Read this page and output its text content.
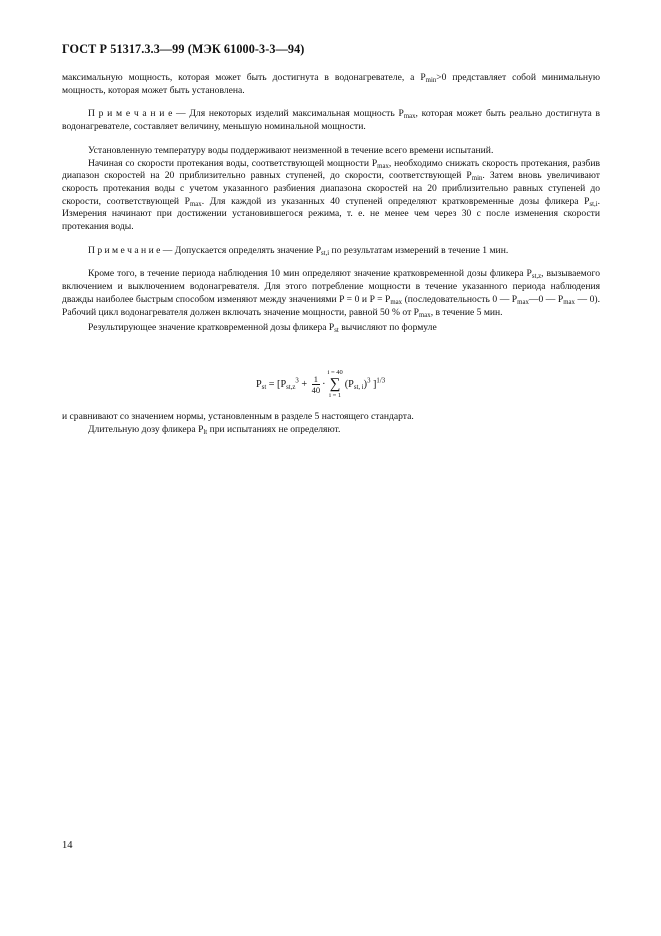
ГОСТ Р 51317.3.3—99 (МЭК 61000-3-3—94)

максимальную мощность, которая может быть достигнута в водонагревателе, а $P_{min}>0$ представляет собой минимальную мощность, которая может быть установлена.

П р и м е ч а н и е — Для некоторых изделий максимальная мощность $P_{max}$, которая может быть реально достигнута в водонагревателе, составляет величину, меньшую номинальной мощности.

Установленную температуру воды поддерживают неизменной в течение всего времени испытаний.

Начиная со скорости протекания воды, соответствующей мощности $P_{max}$, необходимо снижать скорость протекания, разбив диапазон скоростей на 20 приблизительно равных ступеней, до скорости, соответствующей $P_{min}$. Затем вновь увеличивают скорость протекания воды с учетом указанного разбиения диапазона скоростей на 20 приблизительно равных ступеней до скорости, соответствующей $P_{max}$. Для каждой из указанных 40 ступеней определяют кратковременные дозы фликера $P_{st,i}$. Измерения начинают при достижении установившегося режима, т. е. не менее чем через 30 с после изменения скорости протекания воды.

П р и м е ч а н и е — Допускается определять значение $P_{st,i}$ по результатам измерений в течение 1 мин.

Кроме того, в течение периода наблюдения 10 мин определяют значение кратковременной дозы фликера $P_{st,z}$, вызываемого включением и выключением водонагревателя. Для этого потребление мощности в течение указанного периода наблюдения дважды наиболее быстрым способом изменяют между значениями P = 0 и $P = P_{max}$ (последовательность 0 — $P_{max}—0$ — $P_{max}$ — 0). Рабочий цикл водонагревателя должен включать значение мощности, равной 50 % от $P_{max}$, в течение 5 мин.

Результирующее значение кратковременной дозы фликера $P_{st}$ вычисляют по формуле

$P_{st} = [P_{st,z}^3 + \frac{1}{40}$ ·
i = 40
∑
i = 1
$(P_{st, i})^3$ ]$^{1/3}$

и сравнивают со значением нормы, установленным в разделе 5 настоящего стандарта.

Длительную дозу фликера $P_{lt}$ при испытаниях не определяют.

14
